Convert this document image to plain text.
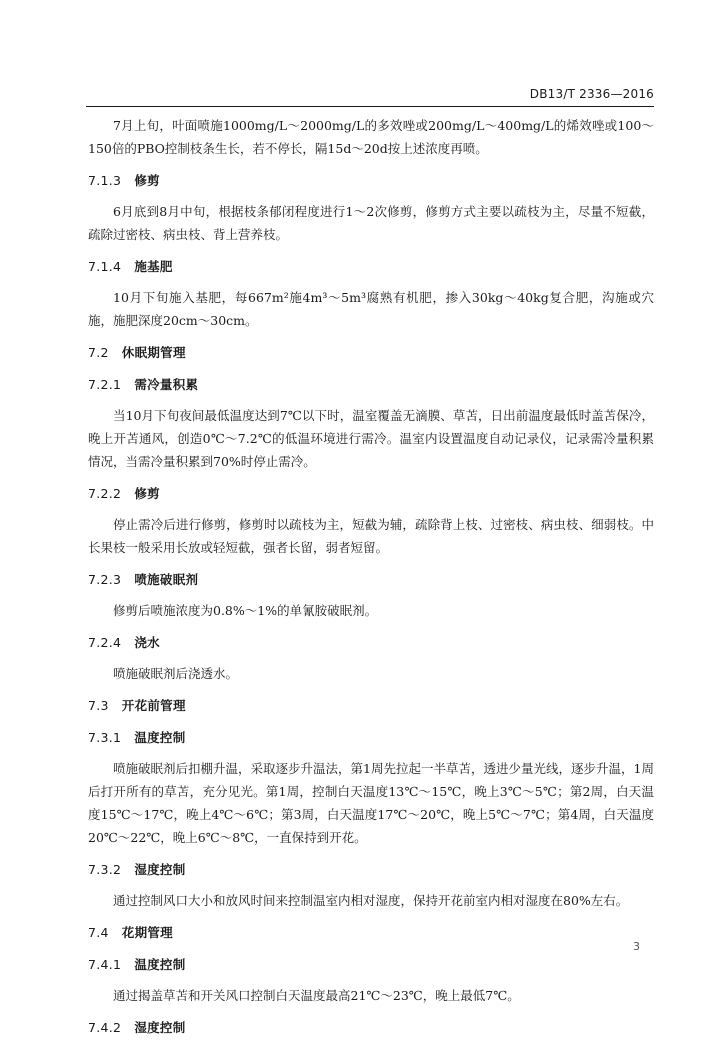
DB13/T 2336—2016

7月上旬，叶面喷施1000mg/L～2000mg/L的多效唑或200mg/L～400mg/L的烯效唑或100～150倍的PBO控制枝条生长，若不停长，隔15d～20d按上述浓度再喷。

7.1.3 修剪

6月底到8月中旬，根据枝条郁闭程度进行1～2次修剪，修剪方式主要以疏枝为主，尽量不短截，疏除过密枝、病虫枝、背上营养枝。

7.1.4 施基肥

10月下旬施入基肥，每667m²施4m³～5m³腐熟有机肥，掺入30kg～40kg复合肥，沟施或穴施，施肥深度20cm～30cm。

7.2 休眠期管理
7.2.1 需冷量积累

当10月下旬夜间最低温度达到7℃以下时，温室覆盖无滴膜、草苫，日出前温度最低时盖苫保冷，晚上开苫通风，创造0℃～7.2℃的低温环境进行需冷。温室内设置温度自动记录仪，记录需冷量积累情况，当需冷量积累到70%时停止需冷。

7.2.2 修剪

停止需冷后进行修剪，修剪时以疏枝为主，短截为辅，疏除背上枝、过密枝、病虫枝、细弱枝。中长果枝一般采用长放或轻短截，强者长留，弱者短留。

7.2.3 喷施破眠剂

修剪后喷施浓度为0.8%～1%的单氰胺破眠剂。

7.2.4 浇水

喷施破眠剂后浇透水。

7.3 开花前管理
7.3.1 温度控制

喷施破眠剂后扣棚升温，采取逐步升温法，第1周先拉起一半草苫，透进少量光线，逐步升温，1周后打开所有的草苫，充分见光。第1周，控制白天温度13℃～15℃，晚上3℃～5℃；第2周，白天温度15℃～17℃，晚上4℃～6℃；第3周，白天温度17℃～20℃，晚上5℃～7℃；第4周，白天温度20℃～22℃，晚上6℃～8℃，一直保持到开花。

7.3.2 湿度控制

通过控制风口大小和放风时间来控制温室内相对湿度，保持开花前室内相对湿度在80%左右。

7.4 花期管理
7.4.1 温度控制

通过揭盖草苫和开关风口控制白天温度最高21℃～23℃，晚上最低7℃。

7.4.2 湿度控制
3
